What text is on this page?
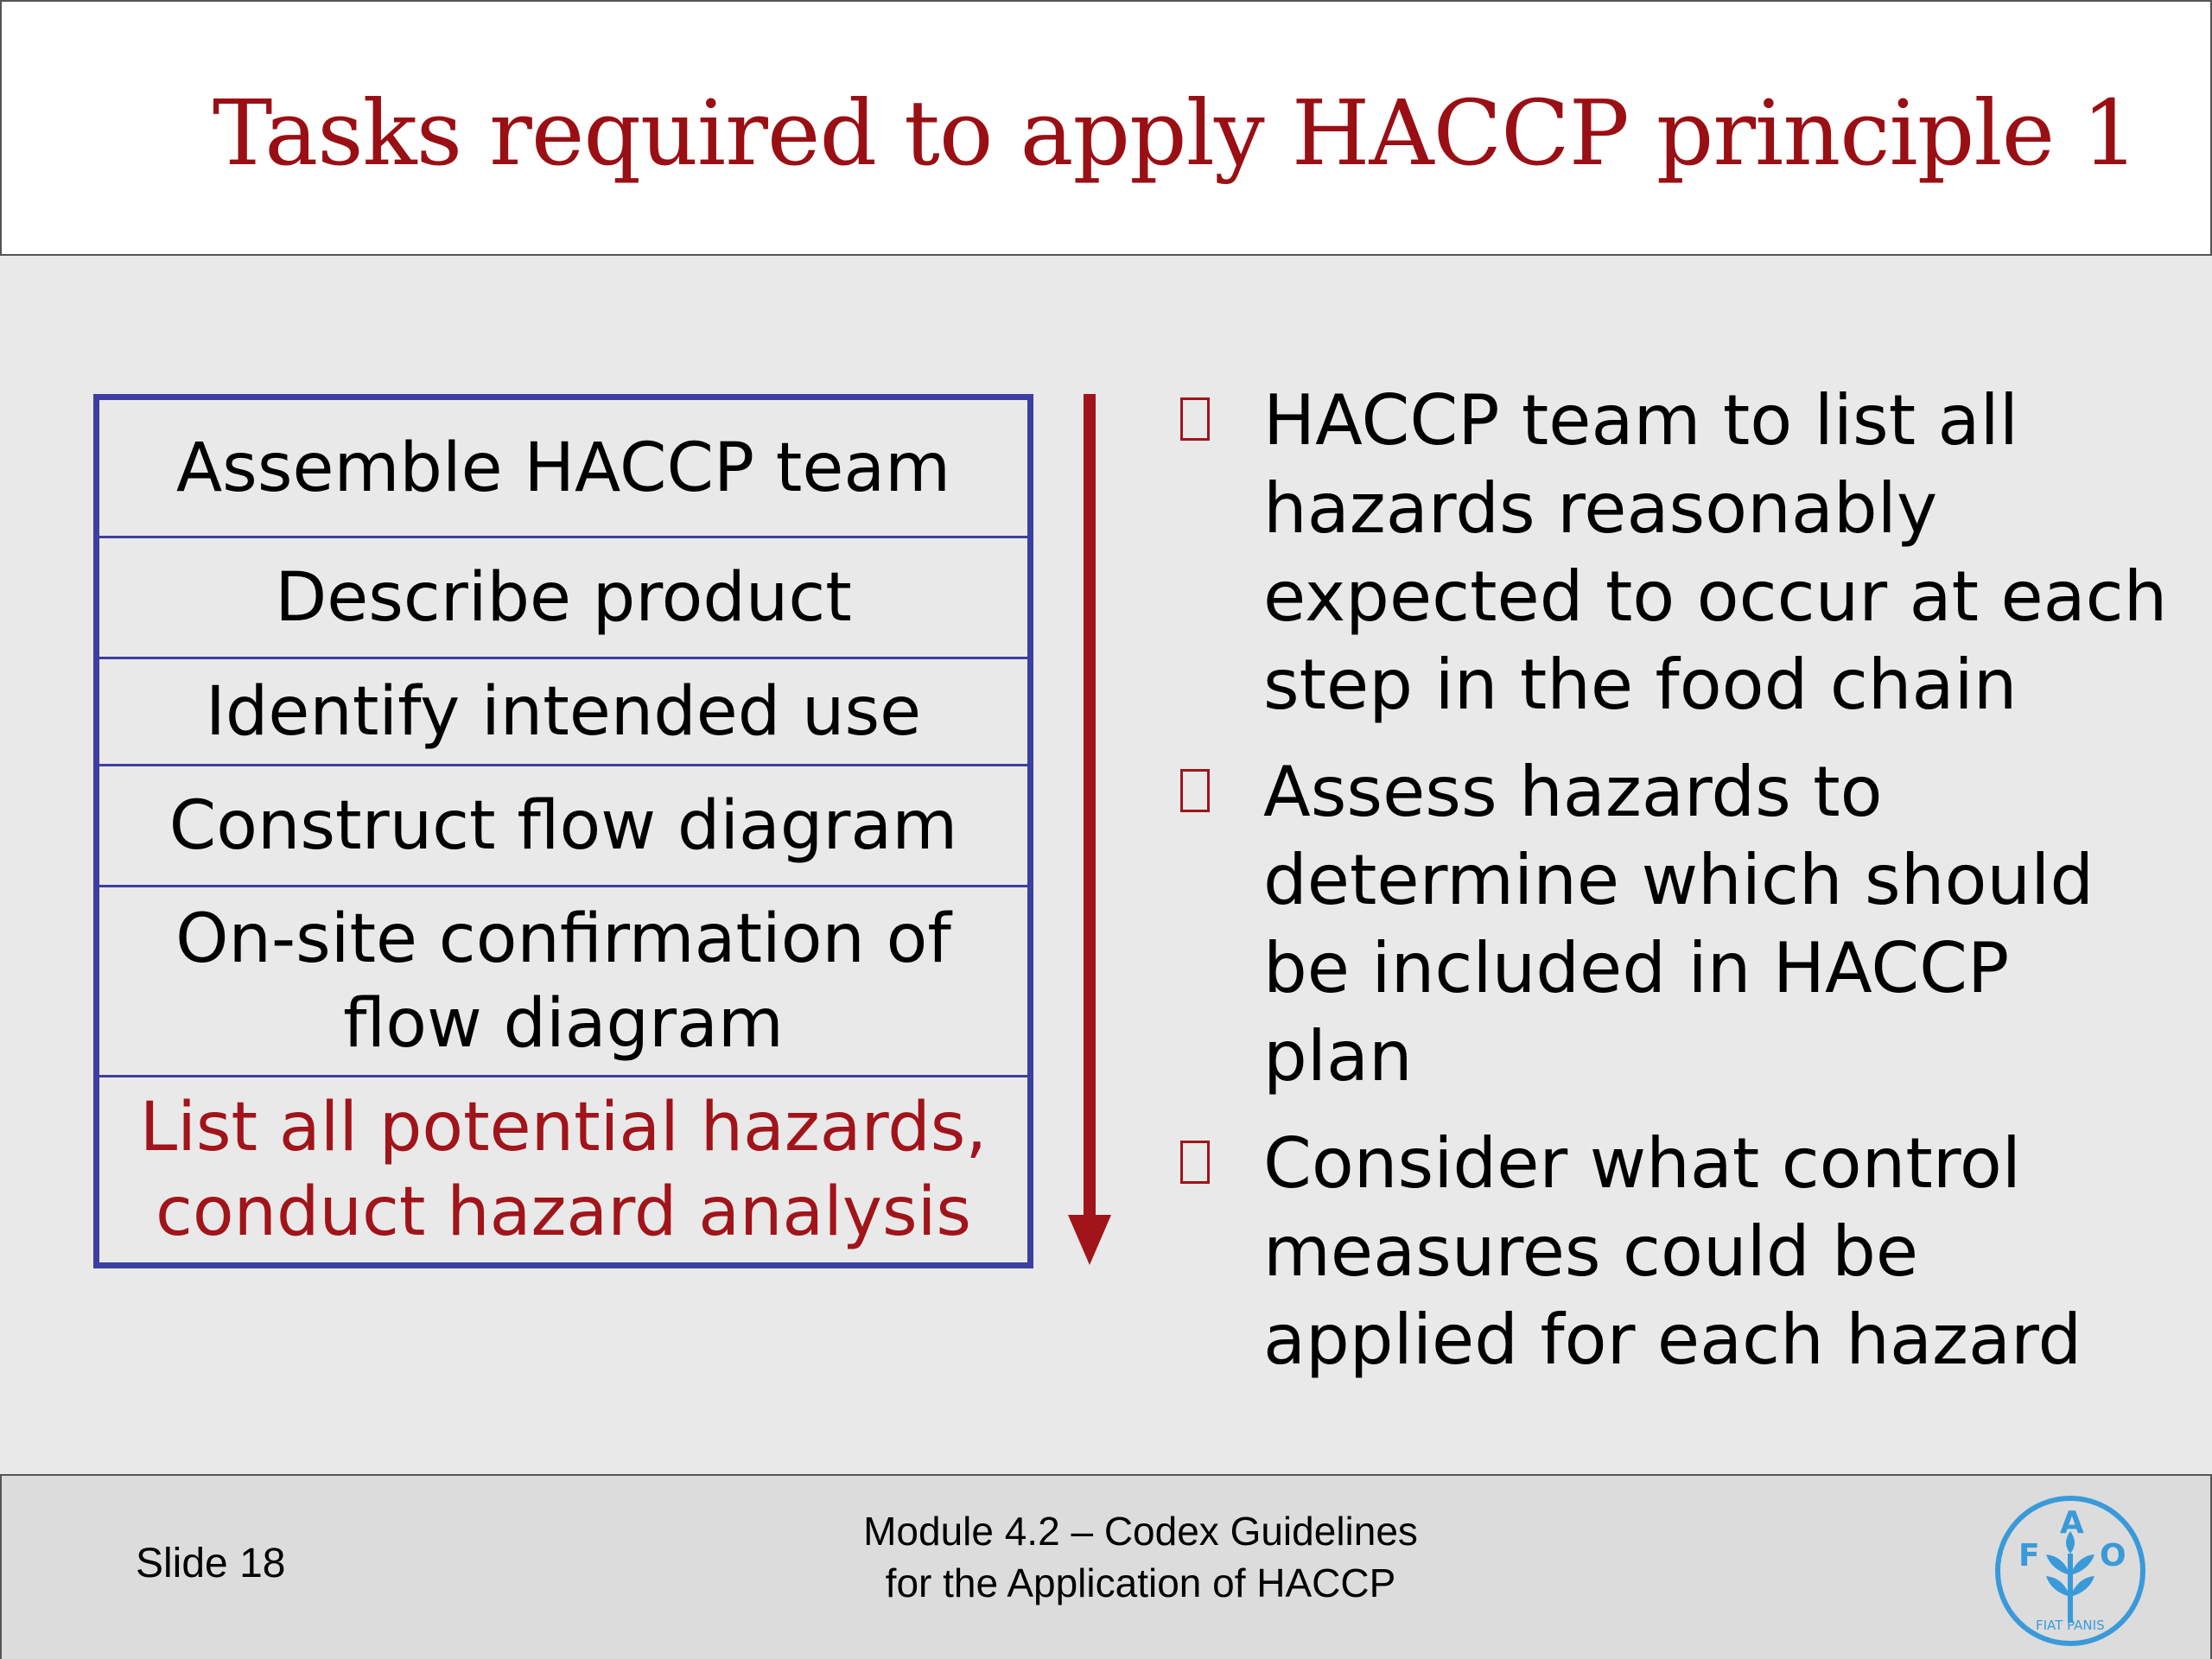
Tasks required to apply HACCP principle 1
Assemble HACCP team
Describe product
Identify intended use
Construct flow diagram
On-site confirmation of
flow diagram
List all potential hazards,
conduct hazard analysis
HACCP team to list all hazards reasonably expected to occur at each step in the food chain
Assess hazards to determine which should be included in HACCP plan
Consider what control measures could be applied for each hazard
Slide 18
Module 4.2 – Codex Guidelines
for the Application of HACCP
F
A
O
FIAT PANIS
